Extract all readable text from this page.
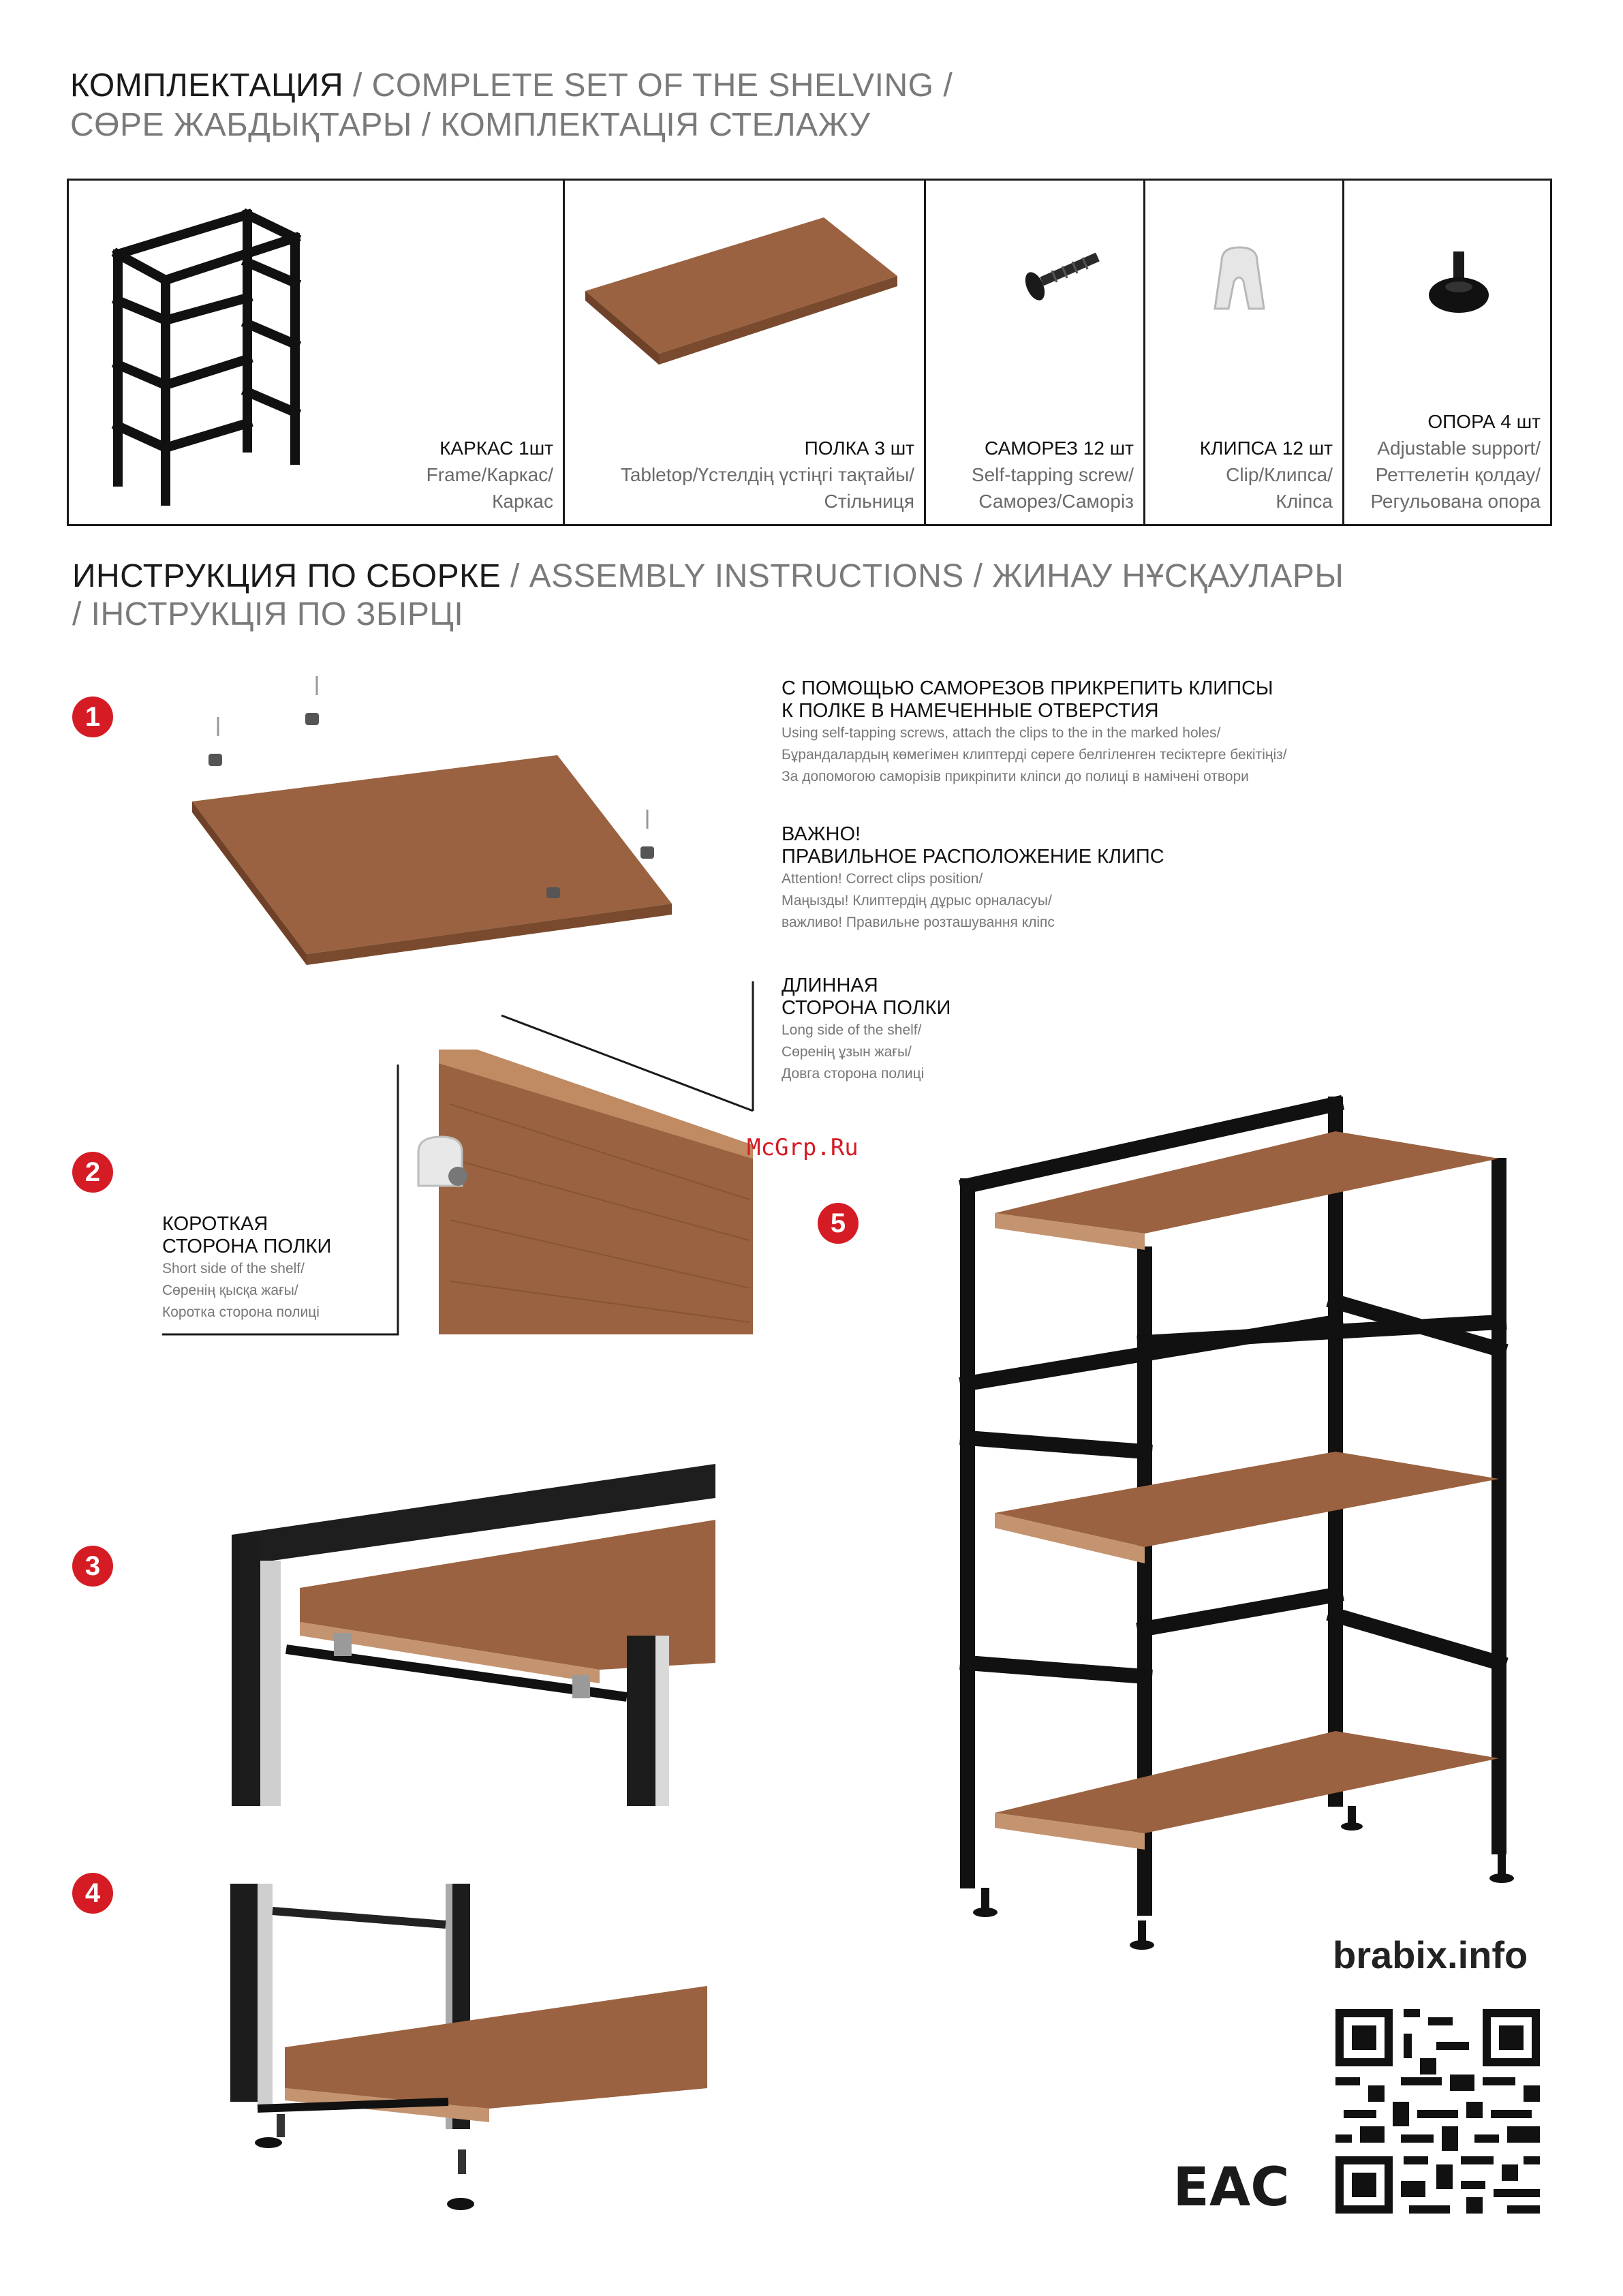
КОМПЛЕКТАЦИЯ / COMPLETE SET OF THE SHELVING /
СӨРЕ ЖАБДЫҚТАРЫ / КОМПЛЕКТАЦІЯ СТЕЛАЖУ
КАРКАС 1шт
Frame/Каркас/
Каркас
ПОЛКА 3 шт
Tabletop/Үстелдің үстіңгі тақтайы/
Стільниця
САМОРЕЗ 12 шт
Self-tapping screw/
Саморез/Саморіз
КЛИПСА 12 шт
Clip/Клипса/
Кліпса
ОПОРА 4 шт
Adjustable support/
Реттелетін қолдау/
Регульована опора
ИНСТРУКЦИЯ ПО СБОРКЕ / ASSEMBLY INSTRUCTIONS / ЖИНАУ НҰСҚАУЛАРЫ
/ ІНСТРУКЦІЯ ПО ЗБІРЦІ
1
2
3
4
5
С ПОМОЩЬЮ САМОРЕЗОВ ПРИКРЕПИТЬ КЛИПСЫ
К ПОЛКЕ В НАМЕЧЕННЫЕ ОТВЕРСТИЯ
Using self-tapping screws, attach the clips to the in the marked holes/
Бұрандалардың көмегімен клиптерді сөреге белгіленген тесіктерге бекітіңіз/
За допомогою саморізів прикріпити кліпси до полиці в намічені отвори
ВАЖНО!
ПРАВИЛЬНОЕ РАСПОЛОЖЕНИЕ КЛИПС
Attention! Correct clips position/
Маңызды! Клиптердің дұрыс орналасуы/
важливо! Правильне розташування кліпс
ДЛИННАЯ
СТОРОНА ПОЛКИ
Long side of the shelf/
Сөренің ұзын жағы/
Довга сторона полиці
КОРОТКАЯ
СТОРОНА ПОЛКИ
Short side of the shelf/
Сөренің қысқа жағы/
Коротка сторона полиці
McGrp.Ru
brabix.info
EAC
